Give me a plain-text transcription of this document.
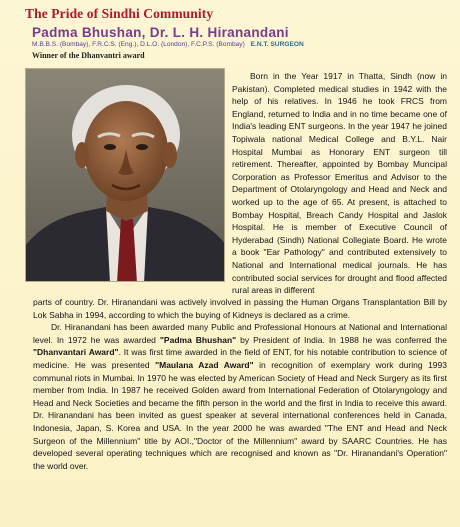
The Pride of Sindhi Community
Padma Bhushan, Dr. L. H. Hiranandani
M.B.B.S. (Bombay), F.R.C.S. (Eng.), D.L.O. (London), F.C.P.S. (Bombay) E.N.T. SURGEON
Winner of the Dhanvantri award

Born in the Year 1917 in Thatta, Sindh (now in Pakistan). Completed medical studies in 1942 with the help of his relatives. In 1946 he took FRCS from England, returned to India and in no time became one of India's leading ENT surgeons. In the year 1947 he joined Topiwala national Medical College and B.Y.L. Nair Hospital Mumbai as Honorary ENT surgeon till retirement. Thereafter, appointed by Bombay Muncipal Corporation as Professor Emeritus and Advisor to the Department of Otolaryngology and Head and Neck and worked up to the age of 65. At present, is attached to Bombay Hospital, Breach Candy Hospital and Jaslok Hospital. He is member of Executive Council of Hyderabad (Sindh) National Collegiate Board. He wrote a book "Ear Pathology" and contributed extensively to National and International medical journals. He has contributed social services for drought and flood affected rural areas in different

parts of country. Dr. Hiranandani was actively involved in passing the Human Organs Transplantation Bill by Lok Sabha in 1994, according to which the buying of Kidneys is declared as a crime.

Dr. Hiranandani has been awarded many Public and Professional Honours at National and International level. In 1972 he was awarded "Padma Bhushan" by President of India. In 1988 he was conferred the "Dhanvantari Award". It was first time awarded in the field of ENT, for his notable contribution to science of medicine. He was presented "Maulana Azad Award" in recognition of exemplary work during 1993 communal riots in Mumbai. In 1970 he was elected by American Society of Head and Neck Surgery as its first member from India. In 1987 he received Golden award from International Federation of Otolaryngology and Head and Neck Societies and became the fifth person in the world and the first in India to receive this award. Dr. Hiranandani has been invited as guest speaker at several international conferences held in Canada, Indonesia, Japan, S. Korea and USA. In the year 2000 he was awarded "The ENT and Head and Neck Surgeon of the Millennium" title by AOI.,"Doctor of the Millennium" award by SAARC Countries. He has developed several operating techniques which are recognised and known as "Dr. Hiranandani's Operation" the world over.
